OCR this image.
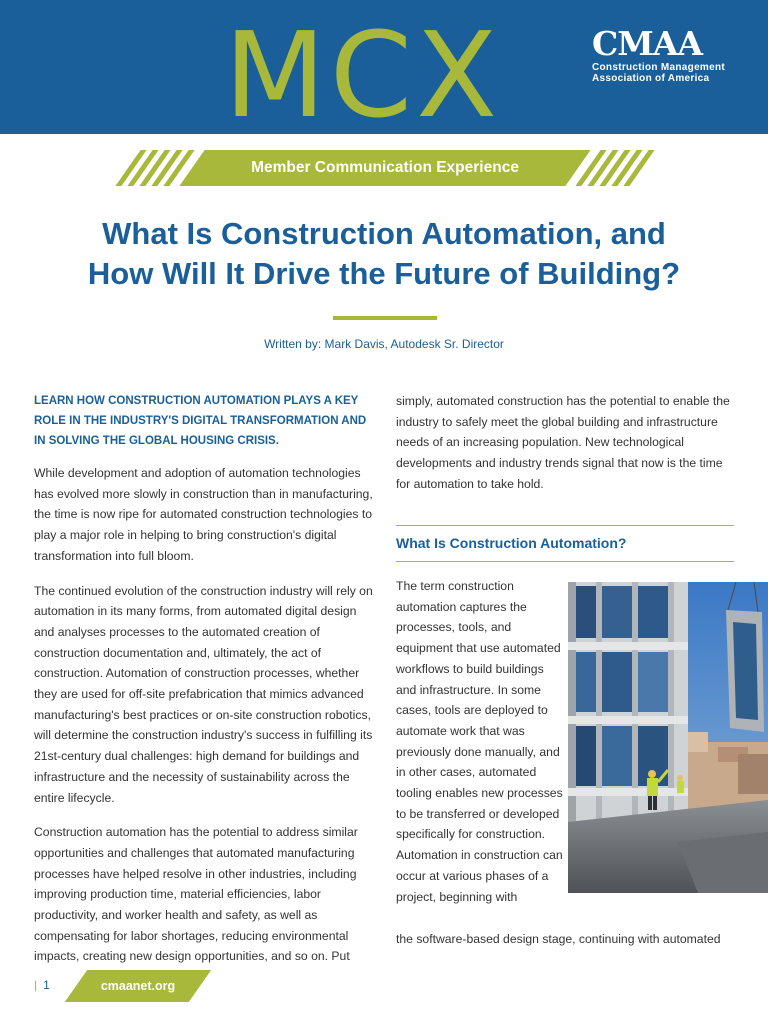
MCX	CMAA
Construction Management
Association of America
Member Communication Experience
What Is Construction Automation, and
How Will It Drive the Future of Building?
Written by: Mark Davis, Autodesk Sr. Director

LEARN HOW CONSTRUCTION AUTOMATION PLAYS A KEY ROLE IN THE INDUSTRY'S DIGITAL TRANSFORMATION AND IN SOLVING THE GLOBAL HOUSING CRISIS.

While development and adoption of automation technologies has evolved more slowly in construction than in manufacturing, the time is now ripe for automated construction technologies to play a major role in helping to bring construction's digital transformation into full bloom.

The continued evolution of the construction industry will rely on automation in its many forms, from automated digital design and analyses processes to the automated creation of construction documentation and, ultimately, the act of construction. Automation of construction processes, whether they are used for off-site prefabrication that mimics advanced manufacturing's best practices or on-site construction robotics, will determine the construction industry's success in fulfilling its 21st-century dual challenges: high demand for buildings and infrastructure and the necessity of sustainability across the entire lifecycle.

Construction automation has the potential to address similar opportunities and challenges that automated manufacturing processes have helped resolve in other industries, including improving production time, material efficiencies, labor productivity, and worker health and safety, as well as compensating for labor shortages, reducing environmental impacts, creating new design opportunities, and so on. Put

simply, automated construction has the potential to enable the industry to safely meet the global building and infrastructure needs of an increasing population. New technological developments and industry trends signal that now is the time for automation to take hold.

What Is Construction Automation?

The term construction automation captures the processes, tools, and equipment that use automated workflows to build buildings and infrastructure. In some cases, tools are deployed to automate work that was previously done manually, and in other cases, automated tooling enables new processes to be transferred or developed specifically for construction. Automation in construction can occur at various phases of a project, beginning with

the software-based design stage, continuing with automated

| 1	cmaanet.org
